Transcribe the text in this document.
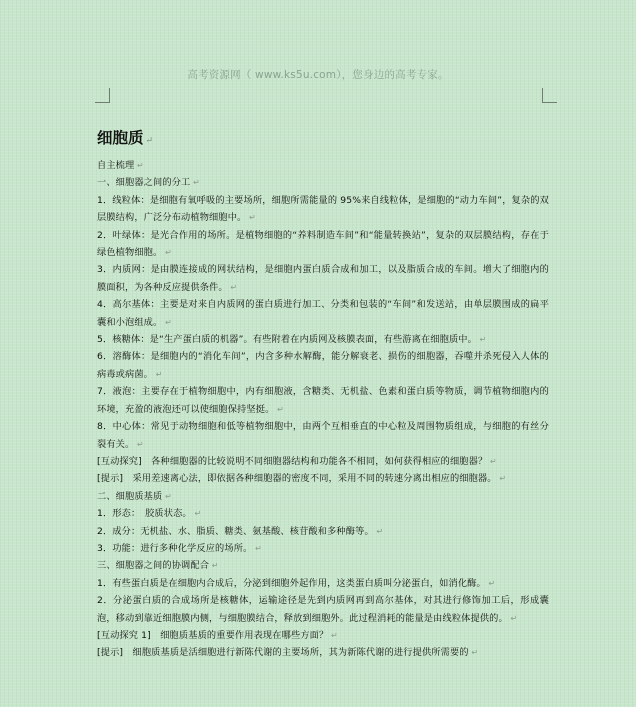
高考资源网（ www.ks5u.com），您身边的高考专家。
细胞质 ↵

自主梳理 ↵

一、细胞器之间的分工 ↵

1．线粒体：是细胞有氧呼吸的主要场所，细胞所需能量的 95%来自线粒体，是细胞的“动力车间”，复杂的双层膜结构，广泛分布动植物细胞中。 ↵

2．叶绿体：是光合作用的场所。是植物细胞的“养料制造车间”和“能量转换站”，复杂的双层膜结构，存在于绿色植物细胞。 ↵

3．内质网：是由膜连接成的网状结构，是细胞内蛋白质合成和加工，以及脂质合成的车间。增大了细胞内的膜面积，为各种反应提供条件。 ↵

4．高尔基体：主要是对来自内质网的蛋白质进行加工、分类和包装的“车间”和发送站，由单层膜围成的扁平囊和小泡组成。 ↵

5．核糖体：是“生产蛋白质的机器”。有些附着在内质网及核膜表面，有些游离在细胞质中。 ↵

6．溶酶体：是细胞内的“消化车间”，内含多种水解酶，能分解衰老、损伤的细胞器，吞噬并杀死侵入人体的病毒或病菌。 ↵

7．液泡：主要存在于植物细胞中，内有细胞液，含糖类、无机盐、色素和蛋白质等物质，调节植物细胞内的环境，充盈的液泡还可以使细胞保持坚挺。 ↵

8．中心体：常见于动物细胞和低等植物细胞中，由两个互相垂直的中心粒及周围物质组成，与细胞的有丝分裂有关。 ↵

[互动探究]　各种细胞器的比较说明不同细胞器结构和功能各不相同，如何获得相应的细胞器？ ↵

[提示]　采用差速离心法，即依据各种细胞器的密度不同，采用不同的转速分离出相应的细胞器。 ↵

二、细胞质基质 ↵

1．形态：　胶质状态。 ↵

2．成分：无机盐、水、脂质、糖类、氨基酸、核苷酸和多种酶等。 ↵

3．功能：进行多种化学反应的场所。 ↵

三、细胞器之间的协调配合 ↵

1．有些蛋白质是在细胞内合成后，分泌到细胞外起作用，这类蛋白质叫分泌蛋白，如消化酶。 ↵

2．分泌蛋白质的合成场所是核糖体，运输途径是先到内质网再到高尔基体，对其进行修饰加工后，形成囊泡，移动到靠近细胞膜内侧，与细胞膜结合，释放到细胞外。此过程消耗的能量是由线粒体提供的。 ↵

[互动探究 1]　细胞质基质的重要作用表现在哪些方面？ ↵

[提示]　细胞质基质是活细胞进行新陈代谢的主要场所，其为新陈代谢的进行提供所需要的 ↵
